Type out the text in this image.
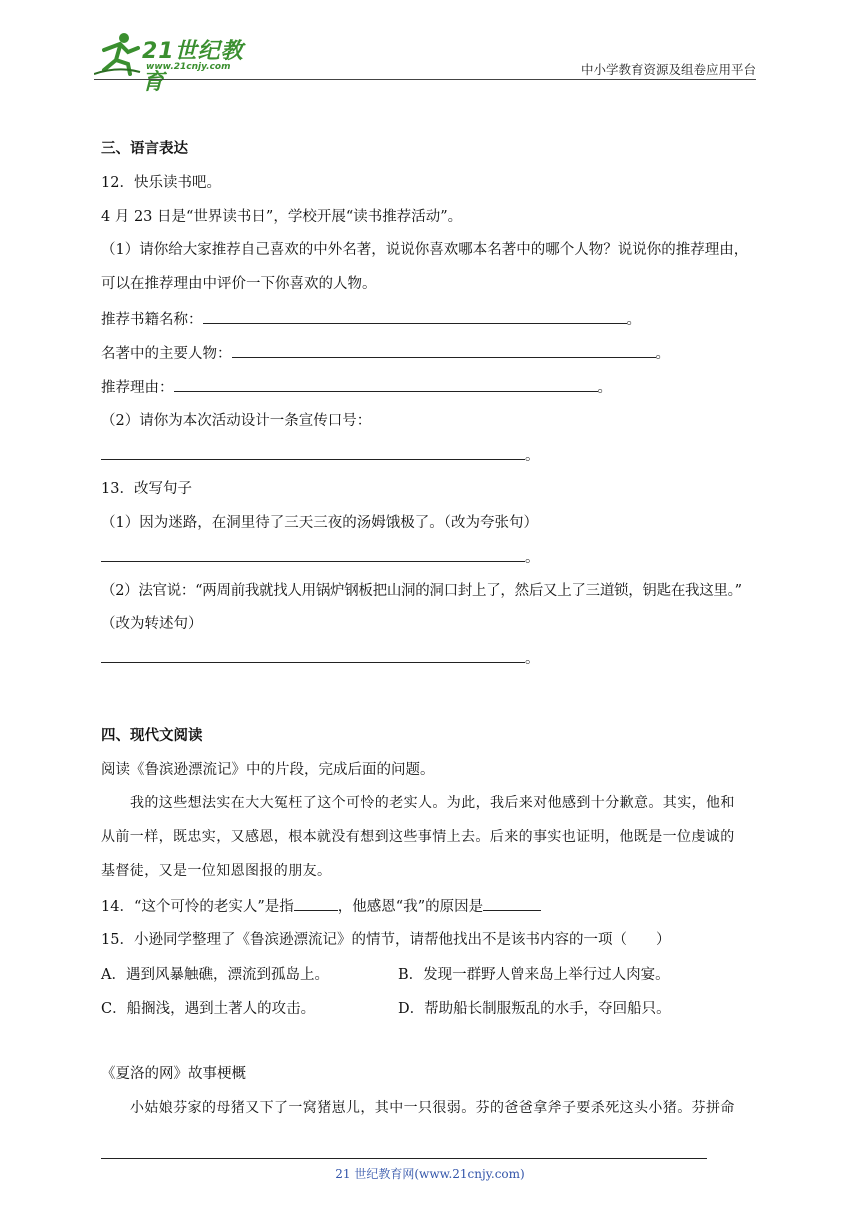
21世纪教育
www.21cnjy.com	中小学教育资源及组卷应用平台
三、语言表达
12．快乐读书吧。
4 月 23 日是“世界读书日”，学校开展“读书推荐活动”。
（1）请你给大家推荐自己喜欢的中外名著，说说你喜欢哪本名著中的哪个人物？说说你的推荐理由，
可以在推荐理由中评价一下你喜欢的人物。
推荐书籍名称：	。
名著中的主要人物：	。
推荐理由：	。
（2）请你为本次活动设计一条宣传口号：
。
13．改写句子
（1）因为迷路，在洞里待了三天三夜的汤姆饿极了。（改为夸张句）
。
（2）法官说：“两周前我就找人用锅炉钢板把山洞的洞口封上了，然后又上了三道锁，钥匙在我这里。”
（改为转述句）
。
四、现代文阅读
阅读《鲁滨逊漂流记》中的片段，完成后面的问题。
我的这些想法实在大大冤枉了这个可怜的老实人。为此，我后来对他感到十分歉意。其实，他和
从前一样，既忠实，又感恩，根本就没有想到这些事情上去。后来的事实也证明，他既是一位虔诚的
基督徒，又是一位知恩图报的朋友。
14．“这个可怜的老实人”是指	，他感恩“我”的原因是
15．小逊同学整理了《鲁滨逊漂流记》的情节，请帮他找出不是该书内容的一项（　　）
A．遇到风暴触礁，漂流到孤岛上。	B．发现一群野人曾来岛上举行过人肉宴。
C．船搁浅，遇到土著人的攻击。	D．帮助船长制服叛乱的水手，夺回船只。
《夏洛的网》故事梗概
小姑娘芬家的母猪又下了一窝猪崽儿，其中一只很弱。芬的爸爸拿斧子要杀死这头小猪。芬拼命
21 世纪教育网(www.21cnjy.com)
